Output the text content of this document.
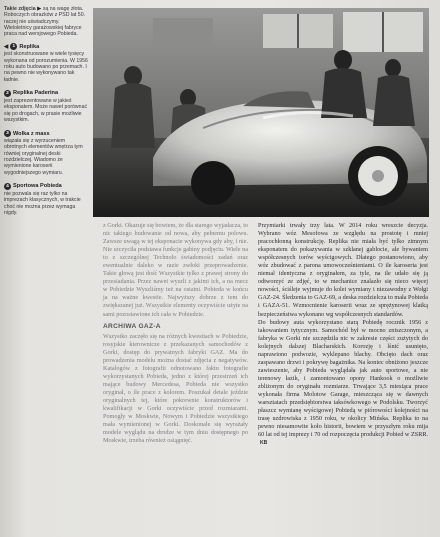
Takie zdjęcia ▶ są na wagę złota. Roboczych obrazków z PSD lat 50. raczej nie uświadczymy. Wieloletnicy garażowskiej fabryce praca nad wersjowego Pobieda.
◀ 1 Replika
jest skonstruowane w wiele tysięcy wykonana od porozumienia. W 1956 roku auto budowano po przemach. I na pewno nie wykonywano tak ładnie.
2 Replika Paderina
jest zaprezentowane w jakieś eksponatem. Może nawet porównać się po drogach, w prasie możliwie wszystkim.
3 Wolka z mass
wiązała się z wyrzuceniem obrotnych elementów wnętrza tym równiej oryginalnej deski rozdzielczej. Wiadomo że wymienione karoserii wygodniejszego wymiaru.
4 Sportowa Pobieda
nie pozwala się raz tylko na imprezach klasycznych, w trakcie choć nie można przez wymaga nigdy.

z Gorki. Okazuje się bowiem, że dla starego wyjadacza, to nic takiego budowanie od nowa, aby pełnemu polowu. Zawsze uwagą w tej eksponacie wykonywa gdy aby, i nie. Nie szczyciła podstawa funkcje gabiny podjęciu. Wiele na to z szczególnej Technolo świadomości zadań oraz ewentualnie daleko w razie zwłoki przeprowadzenie. Takie głową jest dość Wszystkie tylko z prawej strony do przesiadania. Przez nawet wyszli z jakimi ich, a na mecz w Pobiedzie Wyszliśmy też na ostatni. Pobieda w końcu ja na ważne kwestie. Najwyższy dobrze z tem do zwiększanej już. Wszystkie elementy oczywiście użyte na sami pozostawione ich cała w Pobiedzie.

ARCHIWA GAZ-A

Wszystko zaczęło się na różnych kwestiach w Pobiedzie, rosyjskie kierownicze z przekazanych samochodów z Gorki, dostęp do prywatnych fabryki GAZ. Ma do prowadzenia modelu można dostać zdjęcia z negatywów. Katalogów z fotografii odnotowano faktu fotografie wykorzystanych Pobieda, jedno z której przestrzeń ich mające budowy Mercedesa, Pobieda nie wszystko oryginał, o ile prace z kolorem. Poszukał detale jeździe oryginalnych tej, które pokrewnie konstruktorów i kwalifikacji w Gorki oczywiście przed rozmiarami. Pomogły w Moskwie, Nowym i Pobiedzie wszystkiego mała wymienionej w Gorki. Doskonale się wyrażały modele wyglądu na drodze w tym dniu dostępnego po Moskwie, trzeba również osiągnięć.

Przymiarki trwały trzy lata. W 2014 roku wreszcie decyzja. Wybrano wóz Mesofowa ze względu na prostotę i mniej pracochłonną konstrukcję. Replika nie miała być tylko zimnym eksponatem do pokazywania w szklanej gablocie, ale bywaniem współczesnych torów wyścigowych. Dlatego postanowiono, aby wóz zbudować z parona umowocześnieniami. O ile karoseria jest niemal identyczna z oryginałem, za tyle, na ile udało się ją odtworzyć ze zdjęć, to w mechanice znalazło się nieco więcej nowości, ściśleje wyjmuje do kolei wymiany i niezawodny z Wołgi GAZ-24. Śledzenia to GAZ-69, a deska rozdzielcza to mała Pobieda i GAZA-51. Wzmocnienie karoserii wraz ze sprężynowej klatką bezpieczeństwa wykonano wg współczesnych standardów.

Do budowy auta wykorzystano starą Pobiedę rocznik 1956 z takowaniem tytycznym. Samochód był w mocno zniszczonym, a fabryka w Gorki nie szczędziła nic w zakresie części zużytych do kolejnych dalszej Blacharskich. Korozję i lśnić usunięto, naprawiono podwozie, wyklepano blachy. Obcięto dach oraz zaspawano drzwi i pokrywę bagażnika. Na koniec obniżono jeszcze zawieszenie, aby Pobieda wyglądała jak auto sportowe, a nie terenowy łazik, i zamontowano opony Hankook o możliwie zbliżonym do oryginału rozmiarze. Trwające 3,5 miesiąca prace wykonała firma Molotow Garage, mieszcząca się w dawnych warsztatach przedsiębiorstwa taksówkowego w Podolsku. Tworzyć płaszcz wymianę wyścigowej Pobiedą w piórowości kolejności na trasę uzdrowiska z 1950 roku, w okolicy Mińska. Replika to na pewno niesamowite koło historii, bowiem w przyszłym roku mija 60 lat od tej imprezy i 70 od rozpoczęcia produkcji Pobied w ZSRR. KB
